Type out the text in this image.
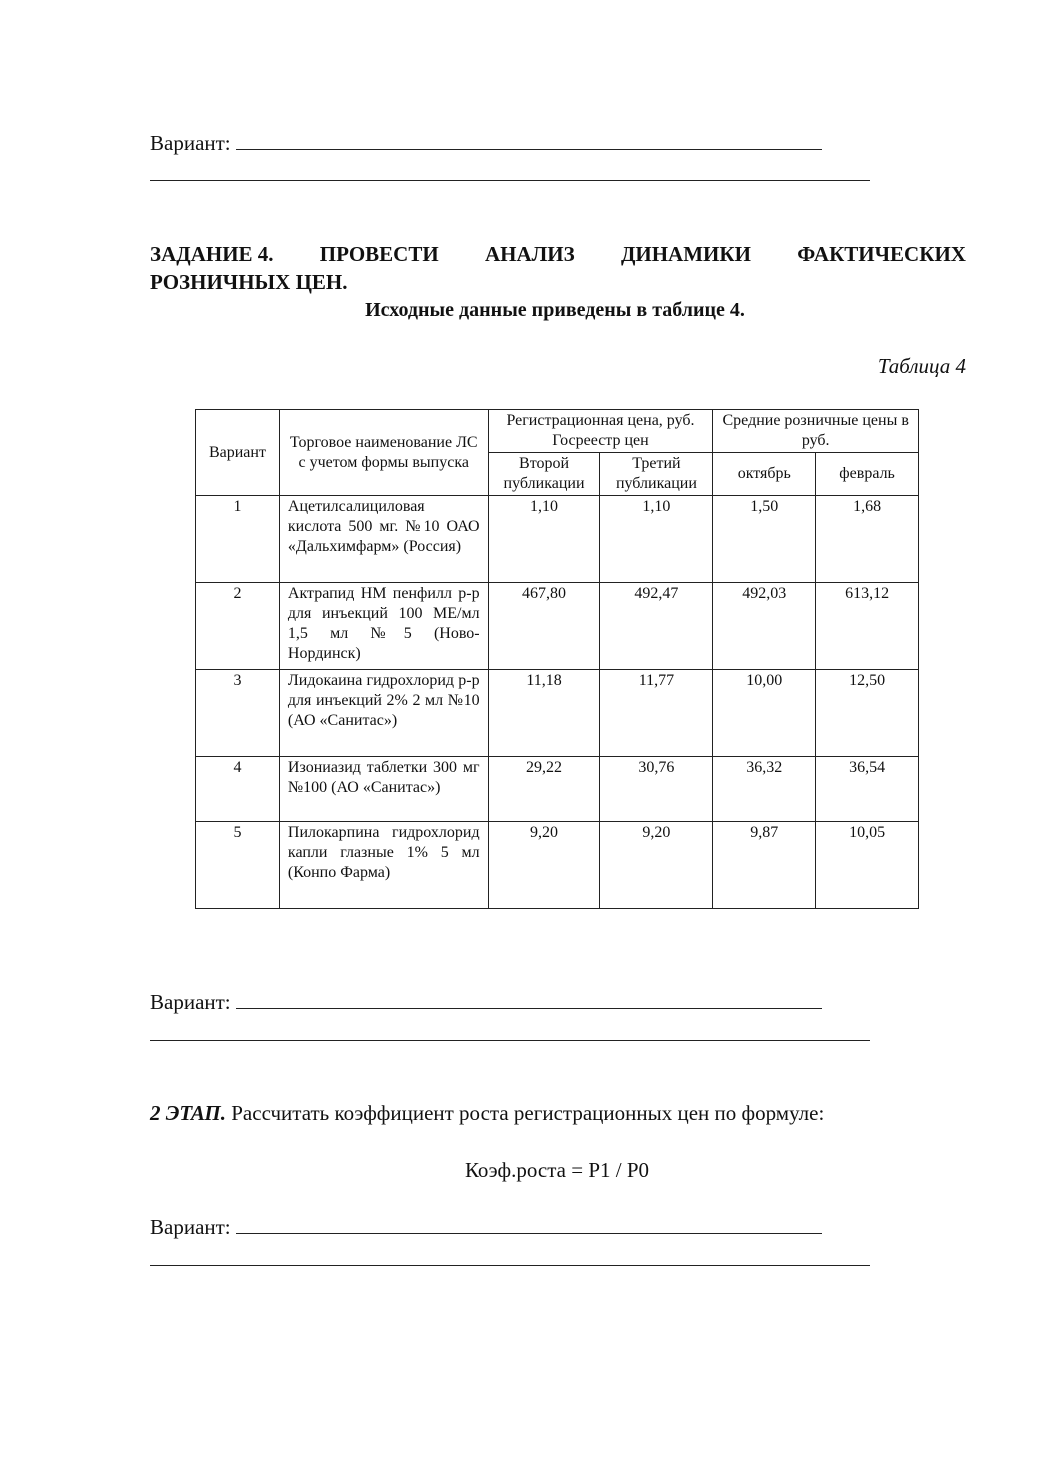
Вариант:
ЗАДАНИЕ 4. ПРОВЕСТИ АНАЛИЗ ДИНАМИКИ ФАКТИЧЕСКИХ
РОЗНИЧНЫХ ЦЕН.
Исходные данные приведены в таблице 4.
Таблица 4
Вариант	Торговое наименование ЛС с учетом формы выпуска	Регистрационная цена, руб. Госреестр цен		Средние розничные цены в руб.	
		Второй публикации	Третий публикации	октябрь	февраль
1	Ацетилсалициловая кислота 500 мг. №10 ОАО «Дальхимфарм» (Россия)	1,10	1,10	1,50	1,68
2	Актрапид НМ пенфилл р-р для инъекций 100 МЕ/мл 1,5 мл №5 (Ново-Нординск)	467,80	492,47	492,03	613,12
3	Лидокаина гидрохлорид р-р для инъекций 2% 2 мл №10 (АО «Санитас»)	11,18	11,77	10,00	12,50
4	Изониазид таблетки 300 мг №100 (АО «Санитас»)	29,22	30,76	36,32	36,54
5	Пилокарпина гидрохлорид капли глазные 1% 5 мл (Конпо Фарма)	9,20	9,20	9,87	10,05
Вариант:
2 ЭТАП. Рассчитать коэффициент роста регистрационных цен по формуле:
Коэф.роста = P1 / P0
Вариант:
